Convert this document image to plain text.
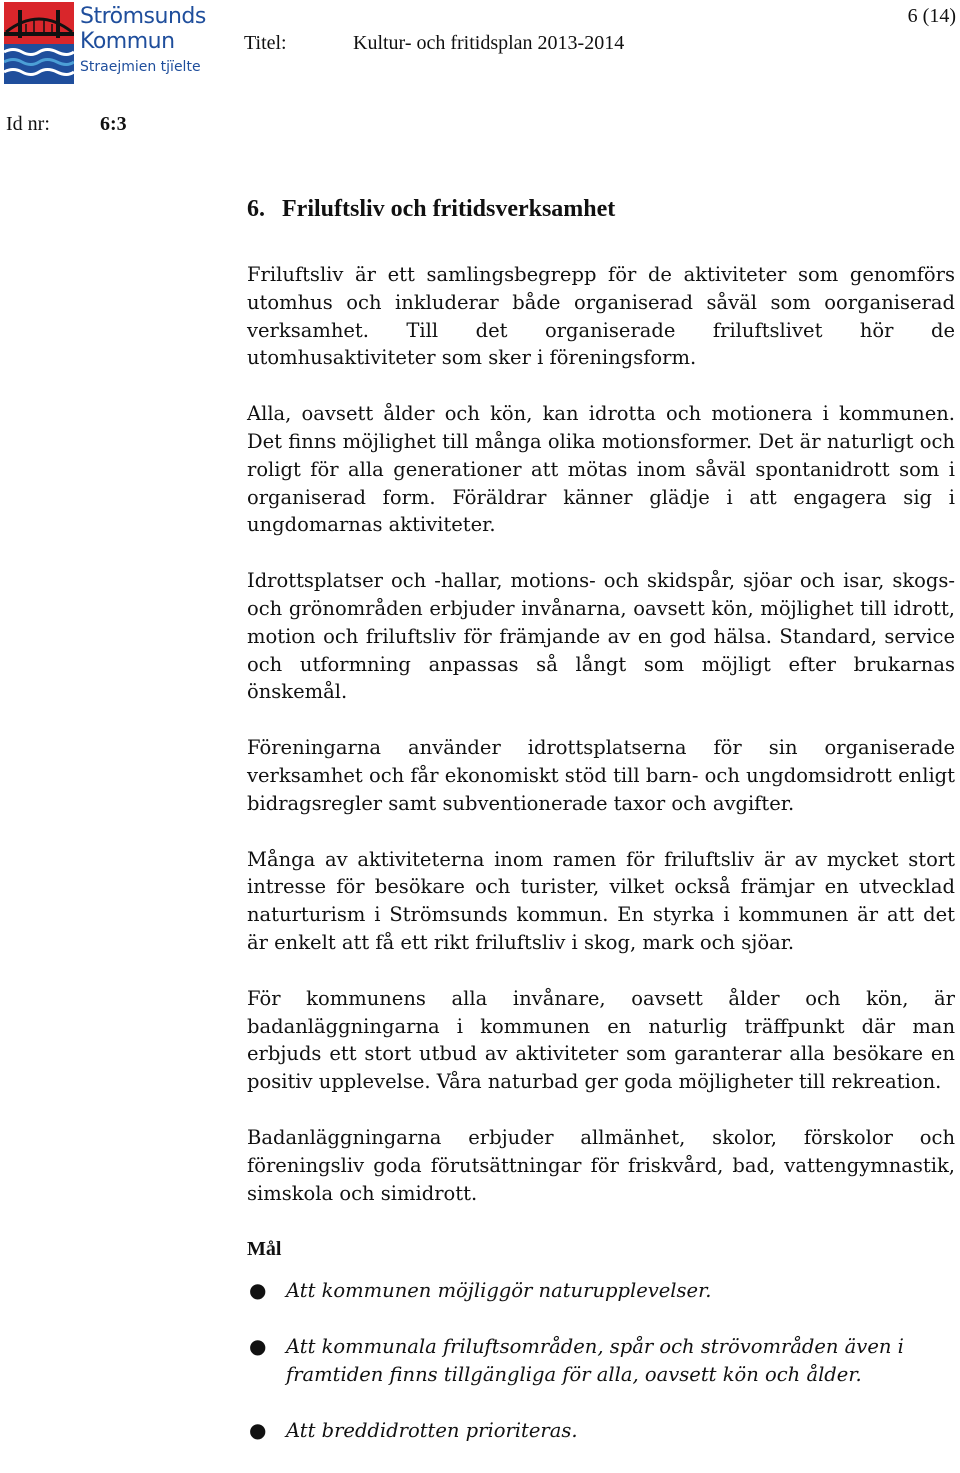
Strömsunds
Kommun
Straejmien tjïelte
Titel:	Kultur- och fritidsplan 2013-2014
6 (14)
Id nr:	6:3
6. Friluftsliv och fritidsverksamhet

Friluftsliv är ett samlingsbegrepp för de aktiviteter som genomförs utomhus och inkluderar både organiserad såväl som oorganiserad verksamhet. Till det organiserade friluftslivet hör de utomhusaktiviteter som sker i föreningsform.

Alla, oavsett ålder och kön, kan idrotta och motionera i kommunen. Det finns möjlighet till många olika motionsformer. Det är naturligt och roligt för alla generationer att mötas inom såväl spontanidrott som i organiserad form. Föräldrar känner glädje i att engagera sig i ungdomarnas aktiviteter.

Idrottsplatser och -hallar, motions- och skidspår, sjöar och isar, skogs- och grönområden erbjuder invånarna, oavsett kön, möjlighet till idrott, motion och friluftsliv för främjande av en god hälsa. Standard, service och utformning anpassas så långt som möjligt efter brukarnas önskemål.

Föreningarna använder idrottsplatserna för sin organiserade verksamhet och får ekonomiskt stöd till barn- och ungdomsidrott enligt bidragsregler samt subventionerade taxor och avgifter.

Många av aktiviteterna inom ramen för friluftsliv är av mycket stort intresse för besökare och turister, vilket också främjar en utvecklad naturturism i Strömsunds kommun. En styrka i kommunen är att det är enkelt att få ett rikt friluftsliv i skog, mark och sjöar.

För kommunens alla invånare, oavsett ålder och kön, är badanläggningarna i kommunen en naturlig träffpunkt där man erbjuds ett stort utbud av aktiviteter som garanterar alla besökare en positiv upplevelse. Våra naturbad ger goda möjligheter till rekreation.

Badanläggningarna erbjuder allmänhet, skolor, förskolor och föreningsliv goda förutsättningar för friskvård, bad, vattengymnastik, simskola och simidrott.

Mål
● Att kommunen möjliggör naturupplevelser.
● Att kommunala friluftsområden, spår och strövområden även i framtiden finns tillgängliga för alla, oavsett kön och ålder.
● Att breddidrotten prioriteras.
